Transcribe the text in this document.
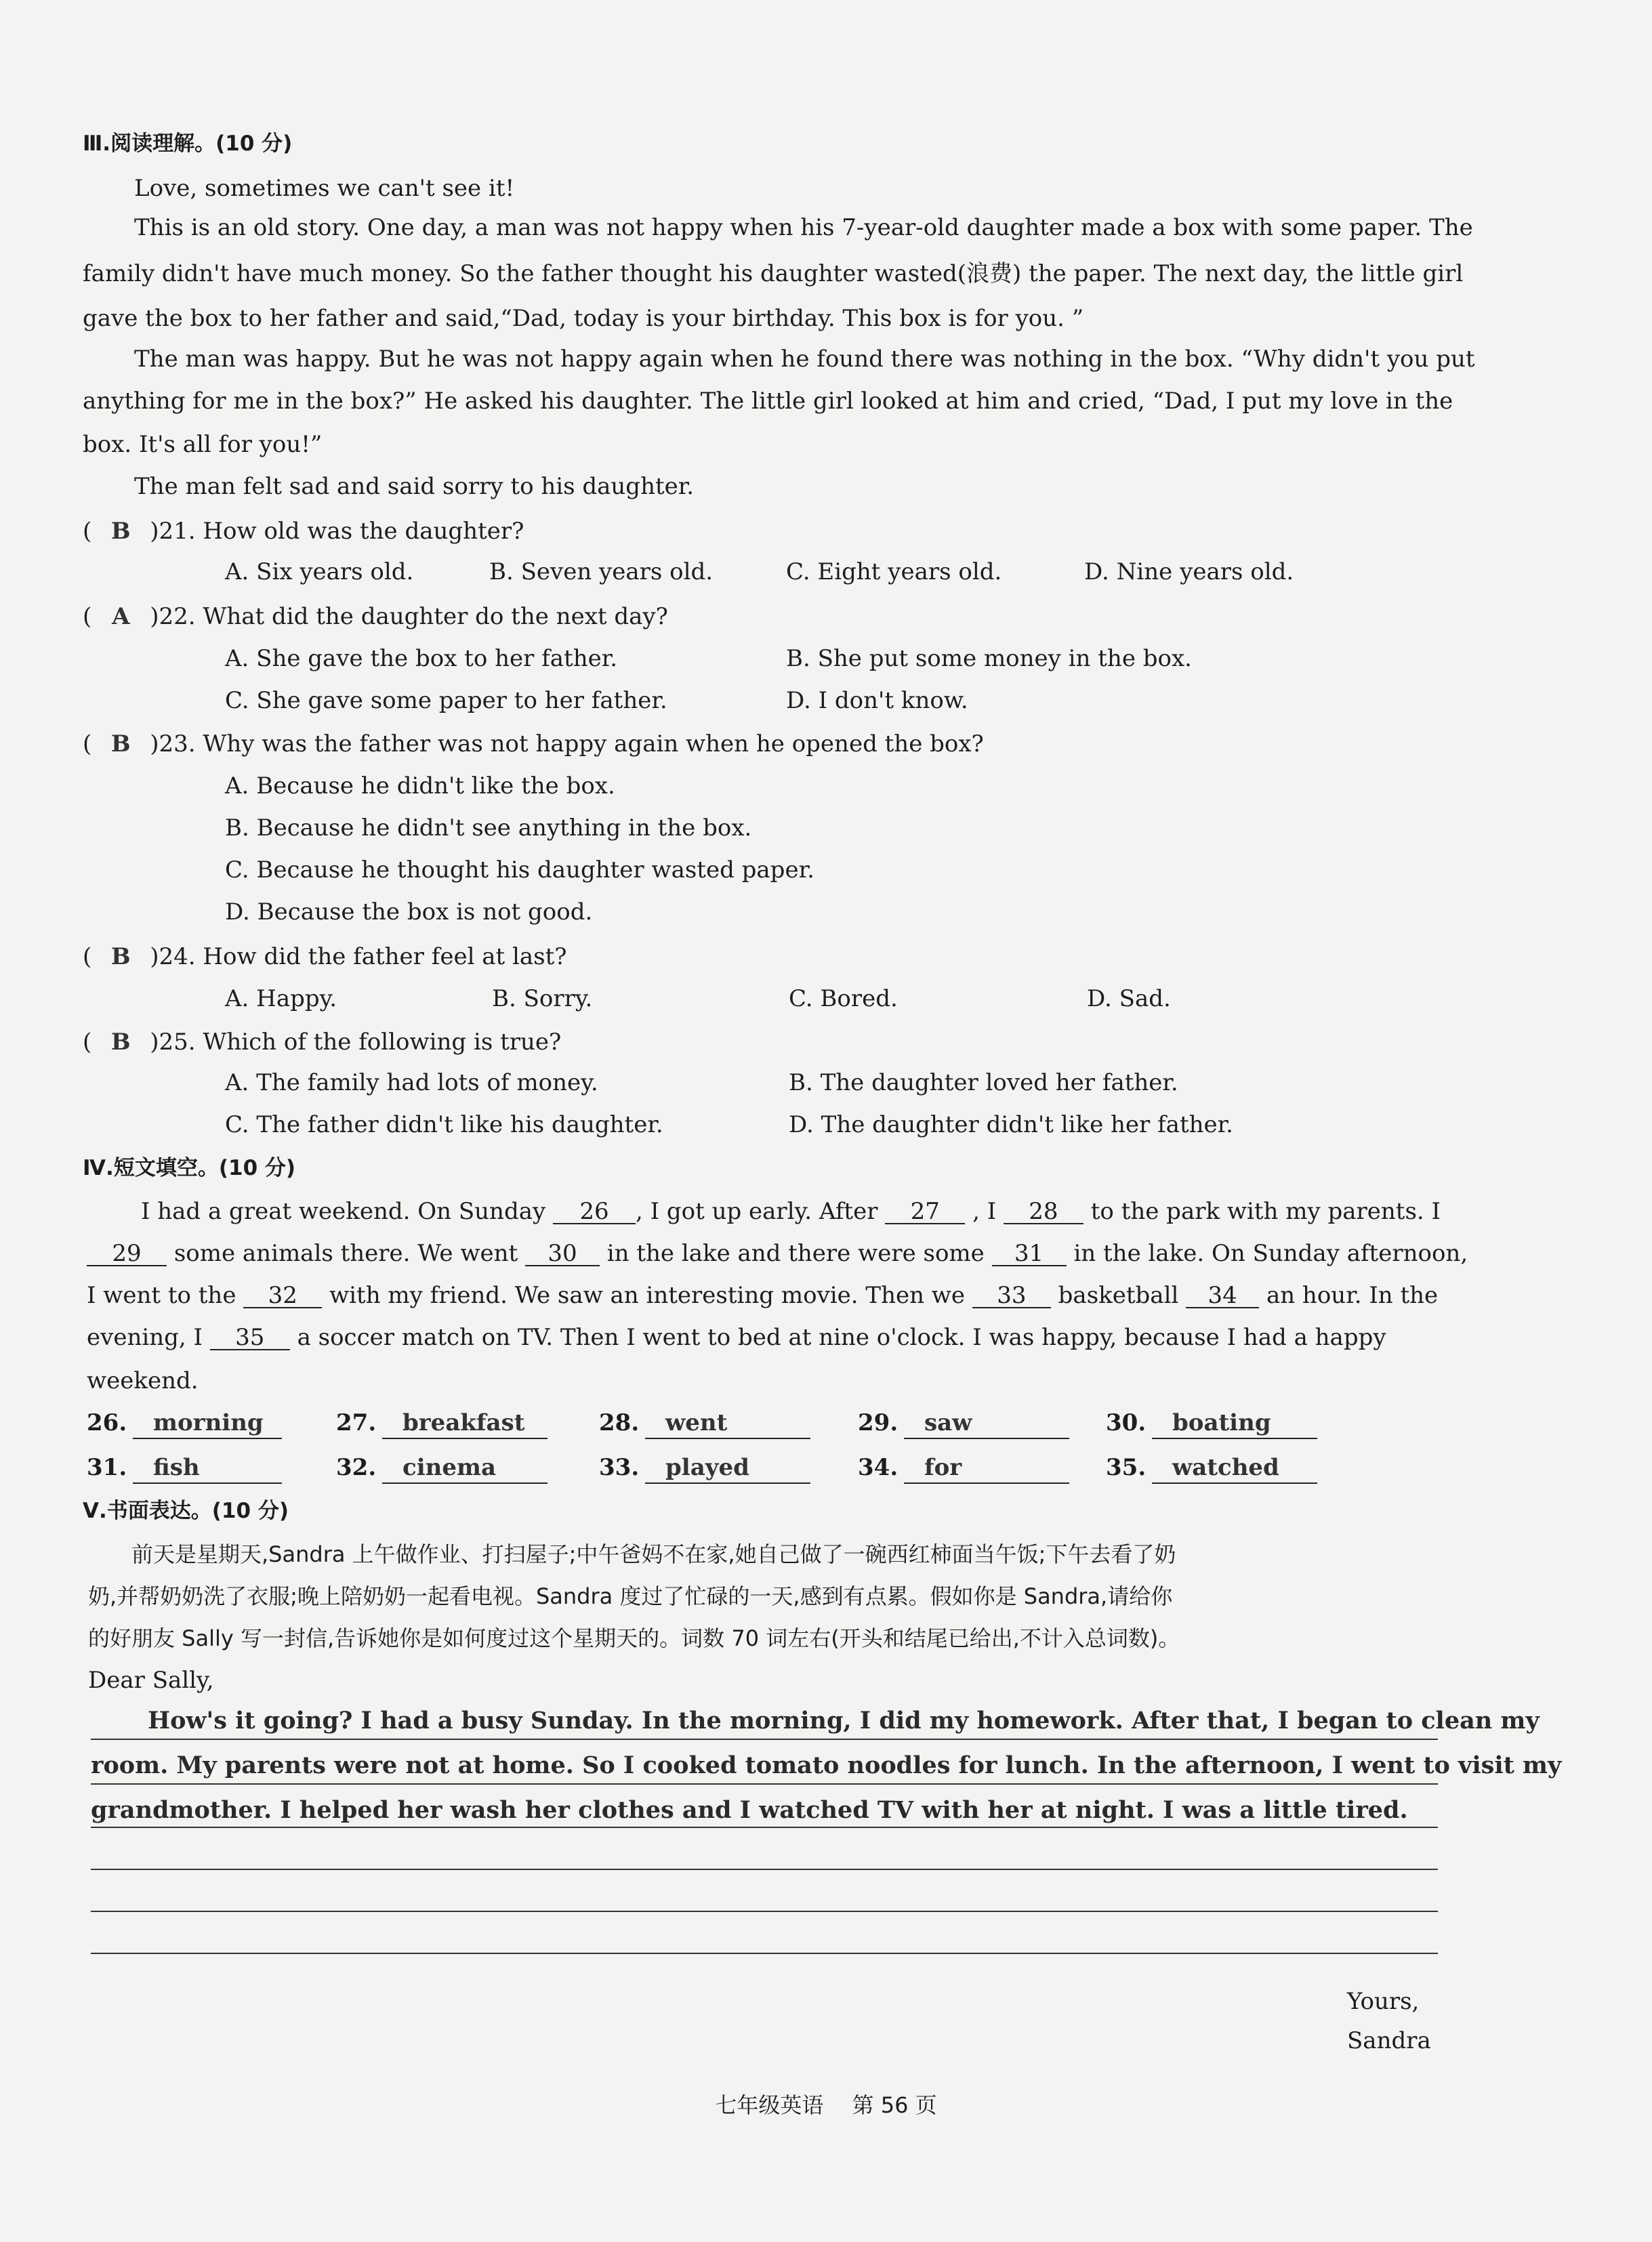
Ⅲ.阅读理解。(10 分)
Love, sometimes we can't see it!
This is an old story. One day, a man was not happy when his 7-year-old daughter made a box with some paper. The
family didn't have much money. So the father thought his daughter wasted(浪费) the paper. The next day, the little girl
gave the box to her father and said,“Dad, today is your birthday. This box is for you. ”
The man was happy. But he was not happy again when he found there was nothing in the box. “Why didn't you put
anything for me in the box?” He asked his daughter. The little girl looked at him and cried, “Dad, I put my love in the
box. It's all for you!”
The man felt sad and said sorry to his daughter.
( B )21. How old was the daughter?
A. Six years old.	B. Seven years old.	C. Eight years old.	D. Nine years old.
( A )22. What did the daughter do the next day?
A. She gave the box to her father.	B. She put some money in the box.
C. She gave some paper to her father.	D. I don't know.
( B )23. Why was the father was not happy again when he opened the box?
A. Because he didn't like the box.
B. Because he didn't see anything in the box.
C. Because he thought his daughter wasted paper.
D. Because the box is not good.
( B )24. How did the father feel at last?
A. Happy.	B. Sorry.	C. Bored.	D. Sad.
( B )25. Which of the following is true?
A. The family had lots of money.	B. The daughter loved her father.
C. The father didn't like his daughter.	D. The daughter didn't like her father.
Ⅳ.短文填空。(10 分)
I had a great weekend. On Sunday 26 , I got up early. After 27 , I 28 to the park with my parents. I
29 some animals there. We went 30 in the lake and there were some 31 in the lake. On Sunday afternoon,
I went to the 32 with my friend. We saw an interesting movie. Then we 33 basketball 34 an hour. In the
evening, I 35 a soccer match on TV. Then I went to bed at nine o'clock. I was happy, because I had a happy
weekend.
26.	morning	27.	breakfast	28.	went	29.	saw	30.	boating
31.	fish	32.	cinema	33.	played	34.	for	35.	watched
Ⅴ.书面表达。(10 分)
前天是星期天,Sandra 上午做作业、打扫屋子;中午爸妈不在家,她自己做了一碗西红柿面当午饭;下午去看了奶
奶,并帮奶奶洗了衣服;晚上陪奶奶一起看电视。Sandra 度过了忙碌的一天,感到有点累。假如你是 Sandra,请给你
的好朋友 Sally 写一封信,告诉她你是如何度过这个星期天的。词数 70 词左右(开头和结尾已给出,不计入总词数)。
Dear Sally,
How's it going? I had a busy Sunday. In the morning, I did my homework. After that, I began to clean my
room. My parents were not at home. So I cooked tomato noodles for lunch. In the afternoon, I went to visit my
grandmother. I helped her wash her clothes and I watched TV with her at night. I was a little tired.
Yours,
Sandra
七年级英语　 第 56 页
